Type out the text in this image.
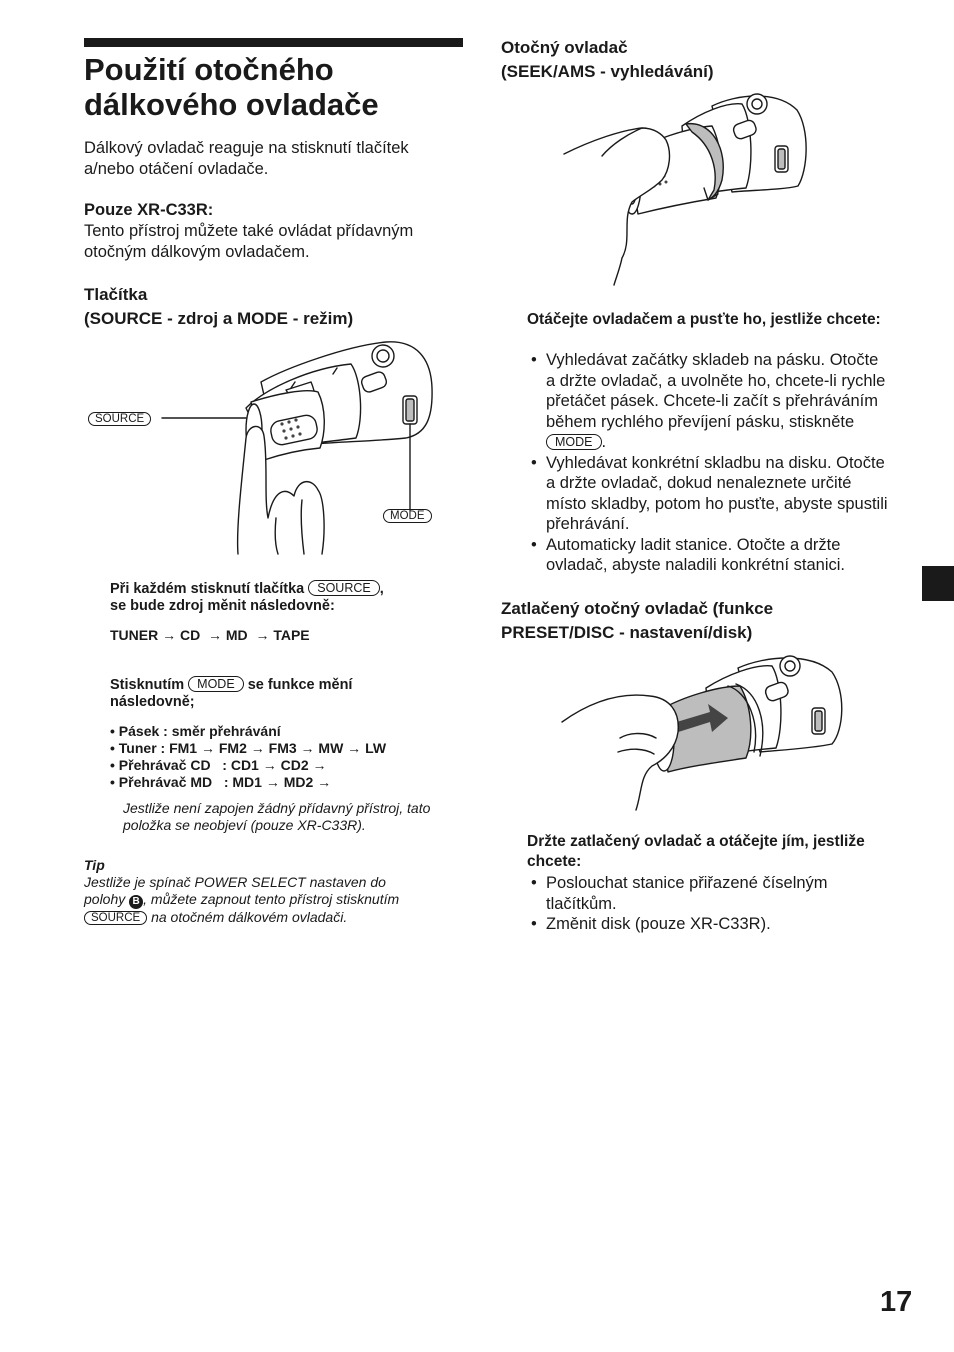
Použití otočného
dálkového ovladače

Dálkový ovladač reaguje na stisknutí tlačítek a/nebo otáčení ovladače.

Pouze XR-C33R:

Tento přístroj můžete také ovládat přídavným otočným dálkovým ovladačem.

Tlačítka

(SOURCE - zdroj a MODE - režim)

SOURCE
MODE
Při každém stisknutí tlačítka SOURCE ,
se bude zdroj měnit následovně:
TUNER → CD  → MD  → TAPE
Stisknutím MODE se funkce mění
následovně;
• Pásek : směr přehrávání
• Tuner : FM1 → FM2 → FM3 → MW → LW
• Přehrávač CD   : CD1 → CD2 →
• Přehrávač MD   : MD1 → MD2 →

Jestliže není zapojen žádný přídavný přístroj, tato položka se neobjeví (pouze XR-C33R).

Tip
Jestliže je spínač POWER SELECT nastaven do
polohy B , můžete zapnout tento přístroj stisknutím
SOURCE na otočném dálkovém ovladači.

Otočný ovladač

(SEEK/AMS - vyhledávání)

Otáčejte ovladačem a pusťte ho, jestliže chcete:

• Vyhledávat začátky skladeb na pásku. Otočte a držte ovladač, a uvolněte ho, chcete-li rychle přetáčet pásek. Chcete-li začít s přehráváním během rychlého převíjení pásku, stiskněte MODE .
• Vyhledávat konkrétní skladbu na disku. Otočte a držte ovladač, dokud nenaleznete určité místo skladby, potom ho pusťte, abyste spustili přehrávání.
• Automaticky ladit stanice. Otočte a držte ovladač, abyste naladili konkrétní stanici.

Zatlačený otočný ovladač (funkce

PRESET/DISC - nastavení/disk)

Držte zatlačený ovladač a otáčejte jím, jestliže chcete:

• Poslouchat stanice přiřazené číselným tlačítkům.
• Změnit disk (pouze XR-C33R).
17
